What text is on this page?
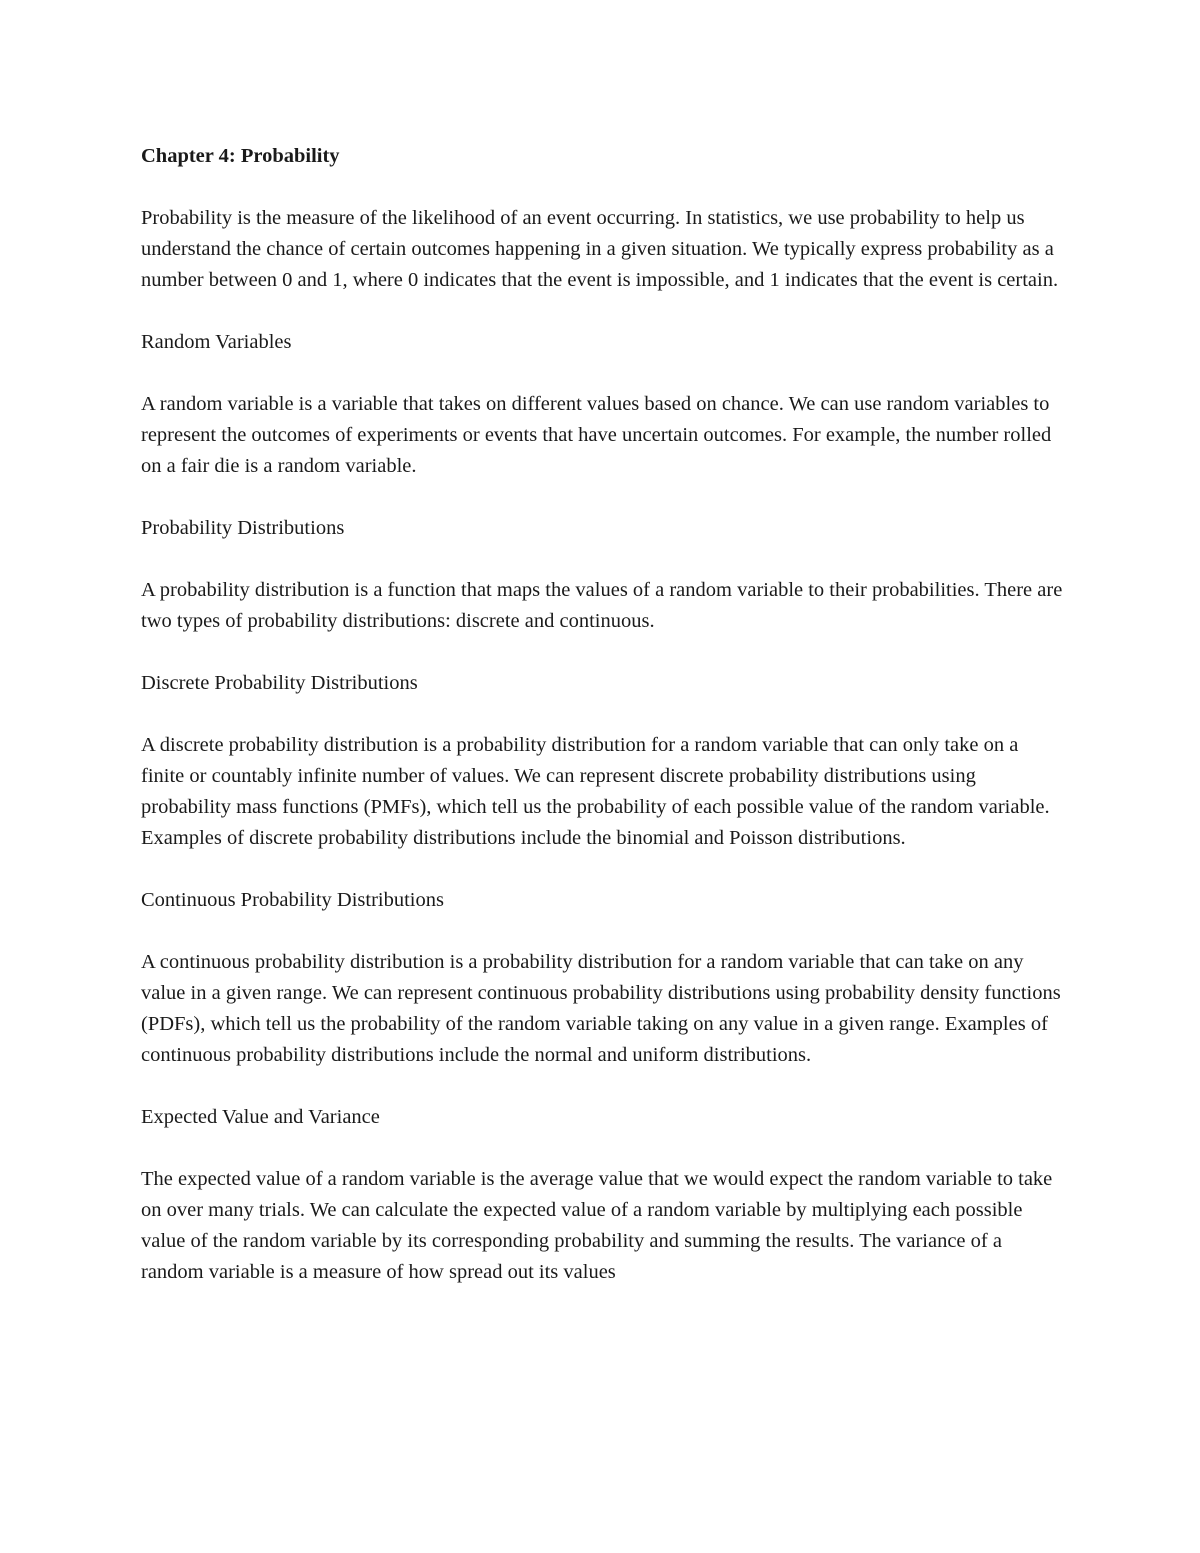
Chapter 4: Probability

Probability is the measure of the likelihood of an event occurring. In statistics, we use probability to help us understand the chance of certain outcomes happening in a given situation. We typically express probability as a number between 0 and 1, where 0 indicates that the event is impossible, and 1 indicates that the event is certain.

Random Variables

A random variable is a variable that takes on different values based on chance. We can use random variables to represent the outcomes of experiments or events that have uncertain outcomes. For example, the number rolled on a fair die is a random variable.

Probability Distributions

A probability distribution is a function that maps the values of a random variable to their probabilities. There are two types of probability distributions: discrete and continuous.

Discrete Probability Distributions

A discrete probability distribution is a probability distribution for a random variable that can only take on a finite or countably infinite number of values. We can represent discrete probability distributions using probability mass functions (PMFs), which tell us the probability of each possible value of the random variable. Examples of discrete probability distributions include the binomial and Poisson distributions.

Continuous Probability Distributions

A continuous probability distribution is a probability distribution for a random variable that can take on any value in a given range. We can represent continuous probability distributions using probability density functions (PDFs), which tell us the probability of the random variable taking on any value in a given range. Examples of continuous probability distributions include the normal and uniform distributions.

Expected Value and Variance

The expected value of a random variable is the average value that we would expect the random variable to take on over many trials. We can calculate the expected value of a random variable by multiplying each possible value of the random variable by its corresponding probability and summing the results. The variance of a random variable is a measure of how spread out its values
